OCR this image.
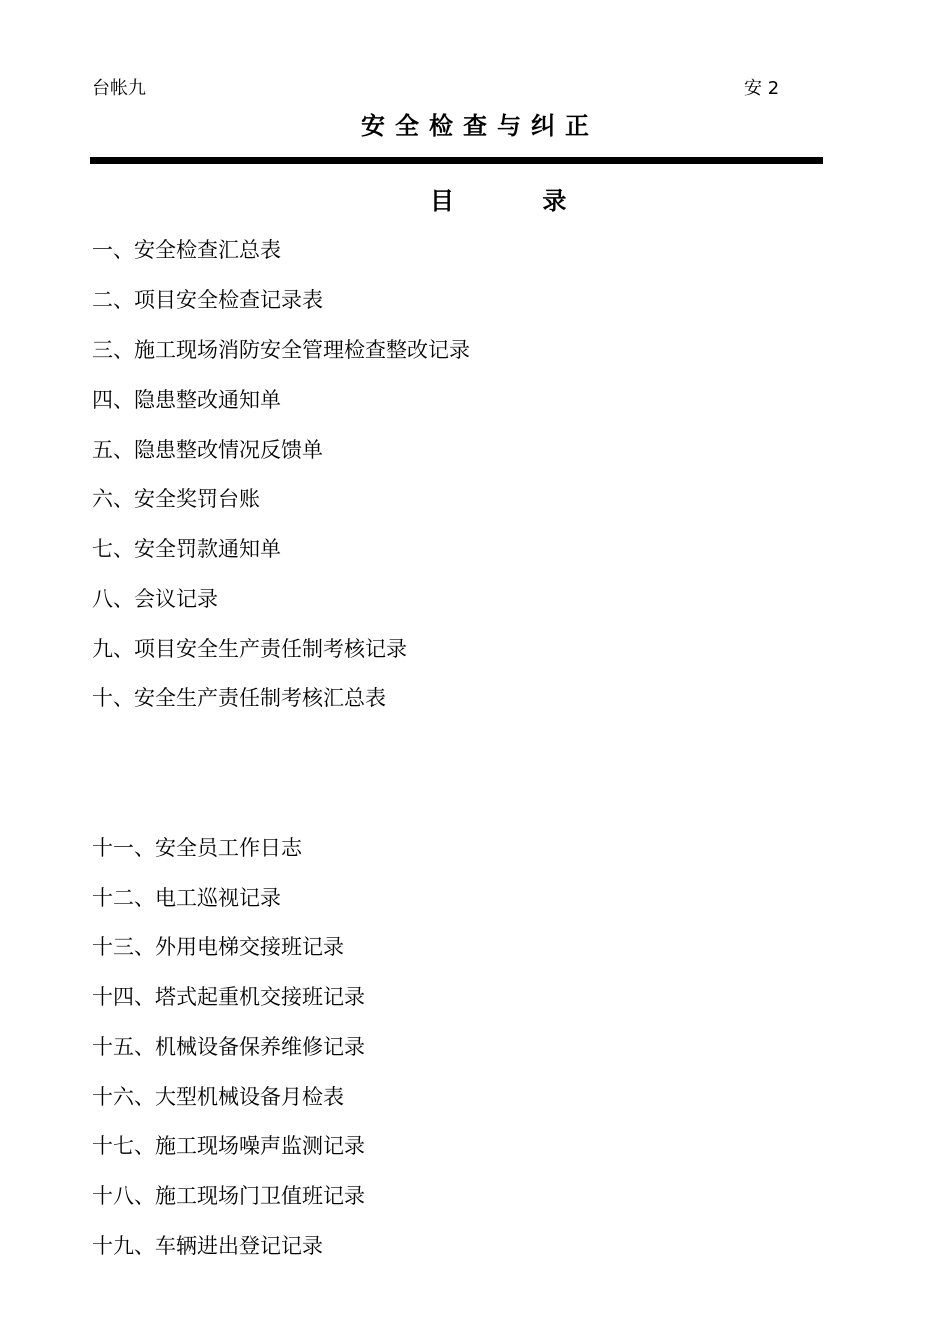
台帐九	安 2
安全检查与纠正
目 录
一、安全检查汇总表
二、项目安全检查记录表
三、施工现场消防安全管理检查整改记录
四、隐患整改通知单
五、隐患整改情况反馈单
六、安全奖罚台账
七、安全罚款通知单
八、会议记录
九、项目安全生产责任制考核记录
十、安全生产责任制考核汇总表
十一、安全员工作日志
十二、电工巡视记录
十三、外用电梯交接班记录
十四、塔式起重机交接班记录
十五、机械设备保养维修记录
十六、大型机械设备月检表
十七、施工现场噪声监测记录
十八、施工现场门卫值班记录
十九、车辆进出登记记录
